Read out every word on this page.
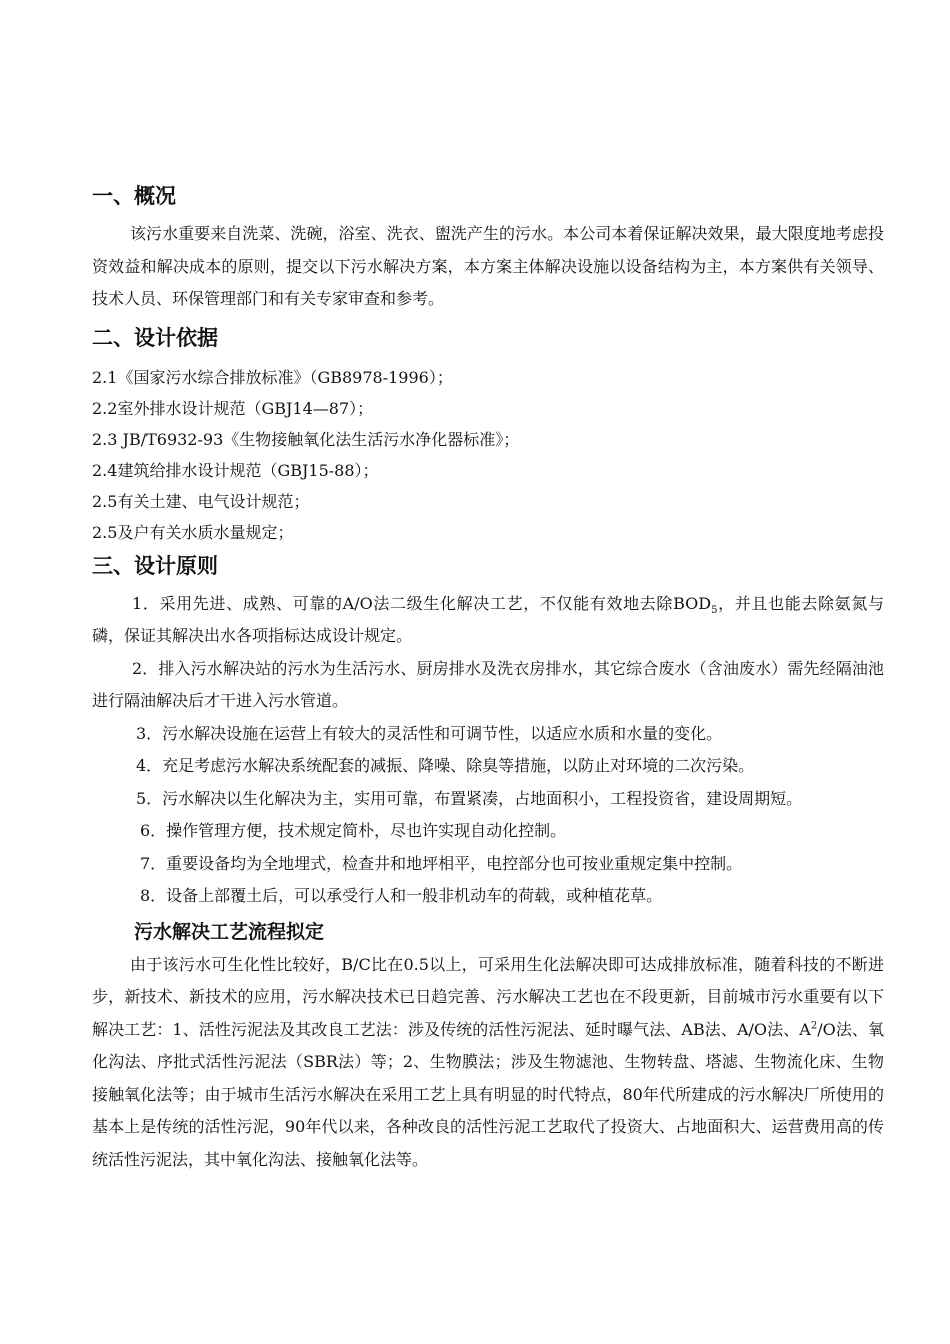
一、概况

该污水重要来自洗菜、洗碗，浴室、洗衣、盥洗产生的污水。本公司本着保证解决效果，最大限度地考虑投资效益和解决成本的原则，提交以下污水解决方案，本方案主体解决设施以设备结构为主，本方案供有关领导、技术人员、环保管理部门和有关专家审查和参考。

二、设计依据

2.1《国家污水综合排放标准》（GB8978-1996）；

2.2室外排水设计规范（GBJ14—87）；

2.3 JB/T6932-93《生物接触氧化法生活污水净化器标准》；

2.4建筑给排水设计规范（GBJ15-88）；

2.5有关土建、电气设计规范；

2.5及户有关水质水量规定；

三、设计原则

1．采用先进、成熟、可靠的A/O法二级生化解决工艺，不仅能有效地去除$BOD_5$，并且也能去除氨氮与磷，保证其解决出水各项指标达成设计规定。

2．排入污水解决站的污水为生活污水、厨房排水及洗衣房排水，其它综合废水（含油废水）需先经隔油池进行隔油解决后才干进入污水管道。

3．污水解决设施在运营上有较大的灵活性和可调节性，以适应水质和水量的变化。

4．充足考虑污水解决系统配套的减振、降噪、除臭等措施，以防止对环境的二次污染。

5．污水解决以生化解决为主，实用可靠，布置紧凑，占地面积小，工程投资省，建设周期短。

6．操作管理方便，技术规定简朴，尽也许实现自动化控制。

7．重要设备均为全地埋式，检查井和地坪相平，电控部分也可按业重规定集中控制。

8．设备上部覆土后，可以承受行人和一般非机动车的荷载，或种植花草。

污水解决工艺流程拟定

由于该污水可生化性比较好，B/C比在0.5以上，可采用生化法解决即可达成排放标准，随着科技的不断进步，新技术、新技术的应用，污水解决技术已日趋完善、污水解决工艺也在不段更新，目前城市污水重要有以下解决工艺：1、活性污泥法及其改良工艺法：涉及传统的活性污泥法、延时曝气法、AB法、A/O法、$A^2/O$法、氧化沟法、序批式活性污泥法（SBR法）等；2、生物膜法；涉及生物滤池、生物转盘、塔滤、生物流化床、生物接触氧化法等；由于城市生活污水解决在采用工艺上具有明显的时代特点，80年代所建成的污水解决厂所使用的基本上是传统的活性污泥，90年代以来，各种改良的活性污泥工艺取代了投资大、占地面积大、运营费用高的传统活性污泥法，其中氧化沟法、接触氧化法等。
